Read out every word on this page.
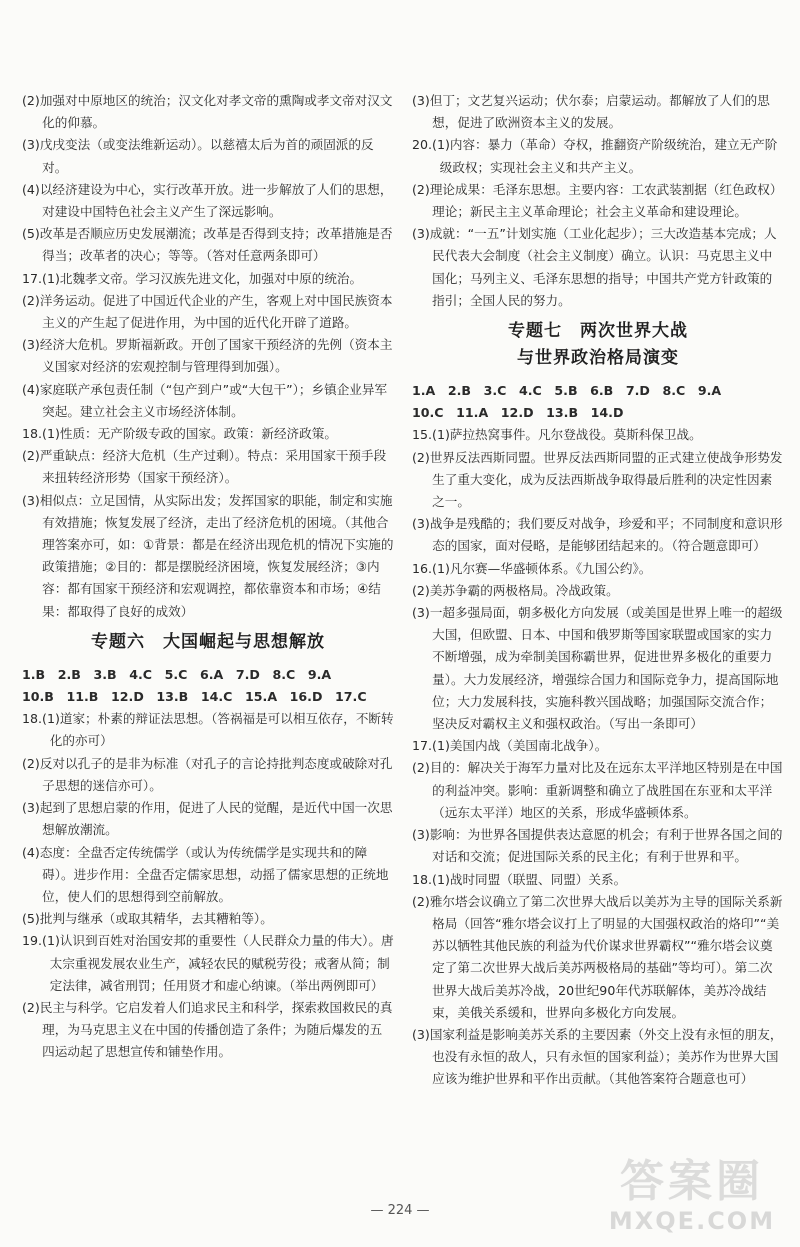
(2)加强对中原地区的统治；汉文化对孝文帝的熏陶或孝文帝对汉文化的仰慕。

(3)戊戌变法（或变法维新运动）。以慈禧太后为首的顽固派的反对。

(4)以经济建设为中心，实行改革开放。进一步解放了人们的思想，对建设中国特色社会主义产生了深远影响。

(5)改革是否顺应历史发展潮流；改革是否得到支持；改革措施是否得当；改革者的决心；等等。（答对任意两条即可）

17.(1)北魏孝文帝。学习汉族先进文化，加强对中原的统治。

(2)洋务运动。促进了中国近代企业的产生，客观上对中国民族资本主义的产生起了促进作用，为中国的近代化开辟了道路。

(3)经济大危机。罗斯福新政。开创了国家干预经济的先例（资本主义国家对经济的宏观控制与管理得到加强）。

(4)家庭联产承包责任制（“包产到户”或“大包干”）；乡镇企业异军突起。建立社会主义市场经济体制。

18.(1)性质：无产阶级专政的国家。政策：新经济政策。

(2)严重缺点：经济大危机（生产过剩）。特点：采用国家干预手段来扭转经济形势（国家干预经济）。

(3)相似点：立足国情，从实际出发；发挥国家的职能，制定和实施有效措施；恢复发展了经济，走出了经济危机的困境。（其他合理答案亦可，如：①背景：都是在经济出现危机的情况下实施的政策措施；②目的：都是摆脱经济困境，恢复发展经济；③内容：都有国家干预经济和宏观调控，都依靠资本和市场；④结果：都取得了良好的成效）

专题六　大国崛起与思想解放

1.B　2.B　3.B　4.C　5.C　6.A　7.D　8.C　9.A

10.B　11.B　12.D　13.B　14.C　15.A　16.D　17.C

18.(1)道家；朴素的辩证法思想。（答祸福是可以相互依存，不断转化的亦可）

(2)反对以孔子的是非为标准（对孔子的言论持批判态度或破除对孔子思想的迷信亦可）。

(3)起到了思想启蒙的作用，促进了人民的觉醒，是近代中国一次思想解放潮流。

(4)态度：全盘否定传统儒学（或认为传统儒学是实现共和的障碍）。进步作用：全盘否定儒家思想，动摇了儒家思想的正统地位，使人们的思想得到空前解放。

(5)批判与继承（或取其精华，去其糟粕等）。

19.(1)认识到百姓对治国安邦的重要性（人民群众力量的伟大）。唐太宗重视发展农业生产，减轻农民的赋税劳役；戒奢从简；制定法律，减省刑罚；任用贤才和虚心纳谏。（举出两例即可）

(2)民主与科学。它启发着人们追求民主和科学，探索救国救民的真理，为马克思主义在中国的传播创造了条件；为随后爆发的五四运动起了思想宣传和铺垫作用。

(3)但丁；文艺复兴运动；伏尔泰；启蒙运动。都解放了人们的思想，促进了欧洲资本主义的发展。

20.(1)内容：暴力（革命）夺权，推翻资产阶级统治，建立无产阶级政权；实现社会主义和共产主义。

(2)理论成果：毛泽东思想。主要内容：工农武装割据（红色政权）理论；新民主主义革命理论；社会主义革命和建设理论。

(3)成就：“一五”计划实施（工业化起步）；三大改造基本完成；人民代表大会制度（社会主义制度）确立。认识：马克思主义中国化；马列主义、毛泽东思想的指导；中国共产党方针政策的指引；全国人民的努力。

专题七　两次世界大战
与世界政治格局演变

1.A　2.B　3.C　4.C　5.B　6.B　7.D　8.C　9.A

10.C　11.A　12.D　13.B　14.D

15.(1)萨拉热窝事件。凡尔登战役。莫斯科保卫战。

(2)世界反法西斯同盟。世界反法西斯同盟的正式建立使战争形势发生了重大变化，成为反法西斯战争取得最后胜利的决定性因素之一。

(3)战争是残酷的；我们要反对战争，珍爱和平；不同制度和意识形态的国家，面对侵略，是能够团结起来的。（符合题意即可）

16.(1)凡尔赛—华盛顿体系。《九国公约》。

(2)美苏争霸的两极格局。冷战政策。

(3)一超多强局面，朝多极化方向发展（或美国是世界上唯一的超级大国，但欧盟、日本、中国和俄罗斯等国家联盟或国家的实力不断增强，成为牵制美国称霸世界，促进世界多极化的重要力量）。大力发展经济，增强综合国力和国际竞争力，提高国际地位；大力发展科技，实施科教兴国战略；加强国际交流合作；坚决反对霸权主义和强权政治。（写出一条即可）

17.(1)美国内战（美国南北战争）。

(2)目的：解决关于海军力量对比及在远东太平洋地区特别是在中国的利益冲突。影响：重新调整和确立了战胜国在东亚和太平洋（远东太平洋）地区的关系，形成华盛顿体系。

(3)影响：为世界各国提供表达意愿的机会；有利于世界各国之间的对话和交流；促进国际关系的民主化；有利于世界和平。

18.(1)战时同盟（联盟、同盟）关系。

(2)雅尔塔会议确立了第二次世界大战后以美苏为主导的国际关系新格局（回答“雅尔塔会议打上了明显的大国强权政治的烙印”“美苏以牺牲其他民族的利益为代价谋求世界霸权”“雅尔塔会议奠定了第二次世界大战后美苏两极格局的基础”等均可）。第二次世界大战后美苏冷战，20世纪90年代苏联解体，美苏冷战结束，美俄关系缓和，世界向多极化方向发展。

(3)国家利益是影响美苏关系的主要因素（外交上没有永恒的朋友，也没有永恒的敌人，只有永恒的国家利益）；美苏作为世界大国应该为维护世界和平作出贡献。（其他答案符合题意也可）

— 224 —
答案圈
MXQE.COM
